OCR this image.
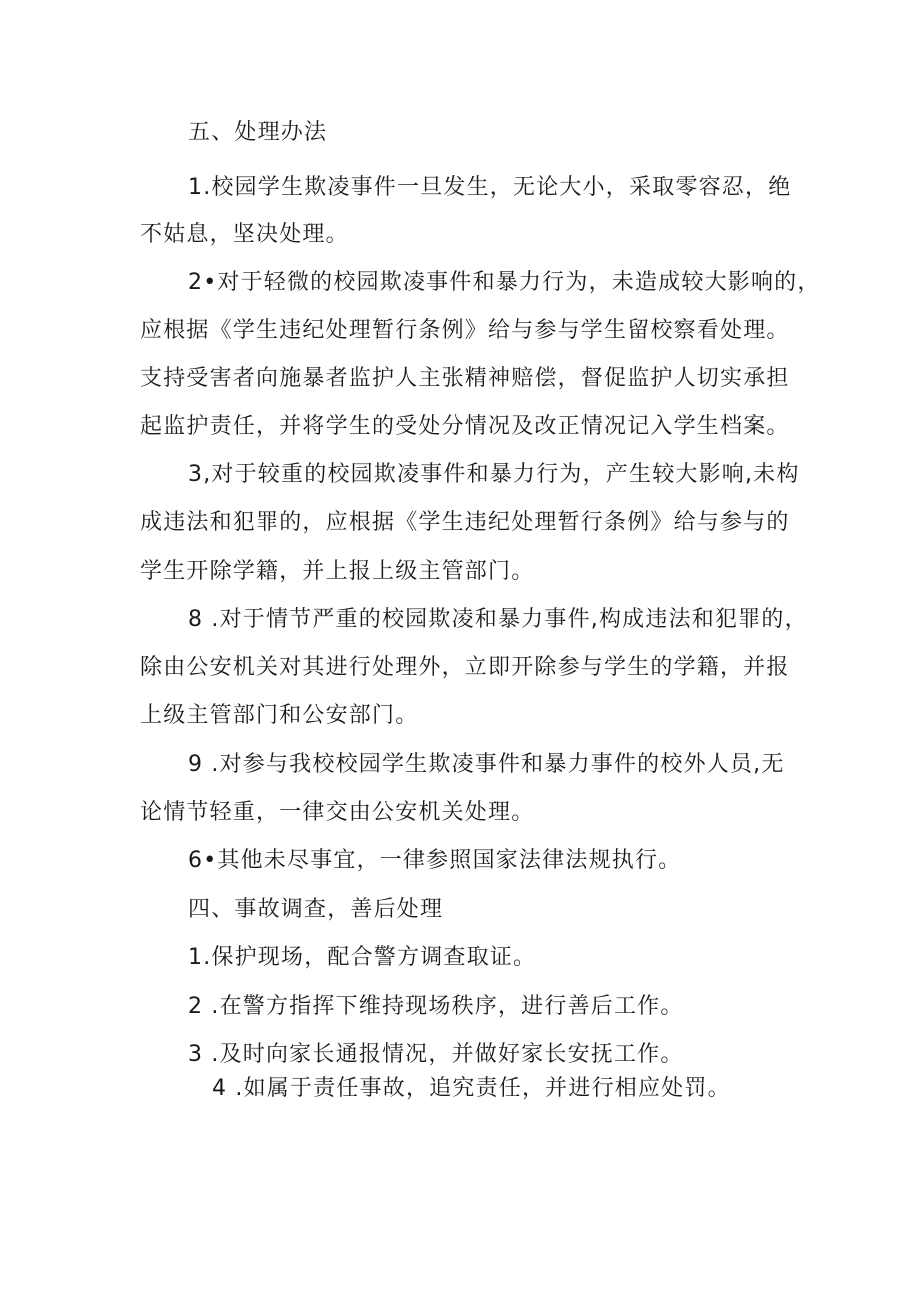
五、处理办法
1.校园学生欺凌事件一旦发生，无论大小，采取零容忍，绝
不姑息，坚决处理。
2•对于轻微的校园欺凌事件和暴力行为，未造成较大影响的，
应根据《学生违纪处理暂行条例》给与参与学生留校察看处理。
支持受害者向施暴者监护人主张精神赔偿，督促监护人切实承担
起监护责任，并将学生的受处分情况及改正情况记入学生档案。
3,对于较重的校园欺凌事件和暴力行为，产生较大影响,未构
成违法和犯罪的，应根据《学生违纪处理暂行条例》给与参与的
学生开除学籍，并上报上级主管部门。
8 .对于情节严重的校园欺凌和暴力事件,构成违法和犯罪的，
除由公安机关对其进行处理外，立即开除参与学生的学籍，并报
上级主管部门和公安部门。
9 .对参与我校校园学生欺凌事件和暴力事件的校外人员,无
论情节轻重，一律交由公安机关处理。
6•其他未尽事宜，一律参照国家法律法规执行。
四、事故调查，善后处理
1.保护现场，配合警方调查取证。
2 .在警方指挥下维持现场秩序，进行善后工作。
3 .及时向家长通报情况，并做好家长安抚工作。
4 .如属于责任事故，追究责任，并进行相应处罚。
